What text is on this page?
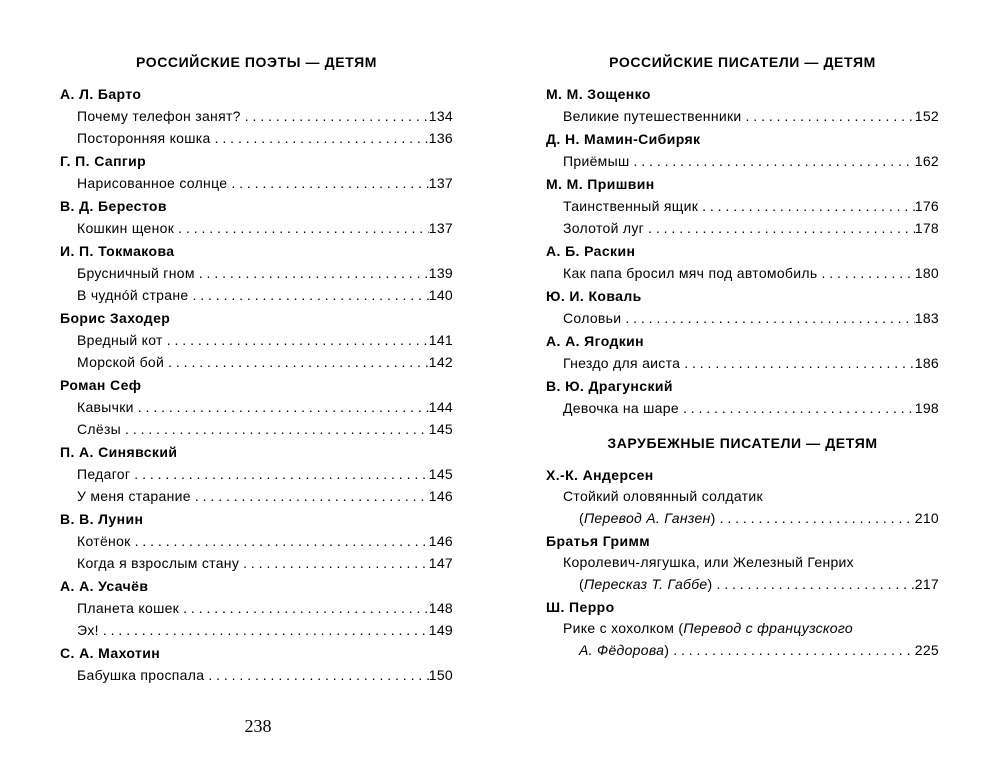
РОССИЙСКИЕ ПОЭТЫ — ДЕТЯМ
А. Л. Барто
Почему телефон занят? . . .	134
Посторонняя кошка . . .	136
Г. П. Сапгир
Нарисованное солнце . . .	137
В. Д. Берестов
Кошкин щенок . . .	137
И. П. Токмакова
Брусничный гном . . .	139
В чуднóй стране . . .	140
Борис Заходер
Вредный кот . . .	141
Морской бой . . .	142
Роман Сеф
Кавычки . . .	144
Слёзы . . .	145
П. А. Синявский
Педагог . . .	145
У меня старание . . .	146
В. В. Лунин
Котёнок . . .	146
Когда я взрослым стану . . .	147
А. А. Усачёв
Планета кошек . . .	148
Эх! . . .	149
С. А. Махотин
Бабушка проспала . . .	150
РОССИЙСКИЕ ПИСАТЕЛИ — ДЕТЯМ
М. М. Зощенко
Великие путешественники . . .	152
Д. Н. Мамин-Сибиряк
Приёмыш . . .	162
М. М. Пришвин
Таинственный ящик . . .	176
Золотой луг . . .	178
А. Б. Раскин
Как папа бросил мяч под автомобиль . . .	180
Ю. И. Коваль
Соловьи . . .	183
А. А. Ягодкин
Гнездо для аиста . . .	186
В. Ю. Драгунский
Девочка на шаре . . .	198
ЗАРУБЕЖНЫЕ ПИСАТЕЛИ — ДЕТЯМ
Х.-К. Андерсен
Стойкий оловянный солдатик
(Перевод А. Ганзен) . . .	210
Братья Гримм
Королевич-лягушка, или Железный Генрих
(Пересказ Т. Габбе) . . .	217
Ш. Перро
Рике с хохолком (Перевод с французского
А. Фёдорова) . . .	225
238
